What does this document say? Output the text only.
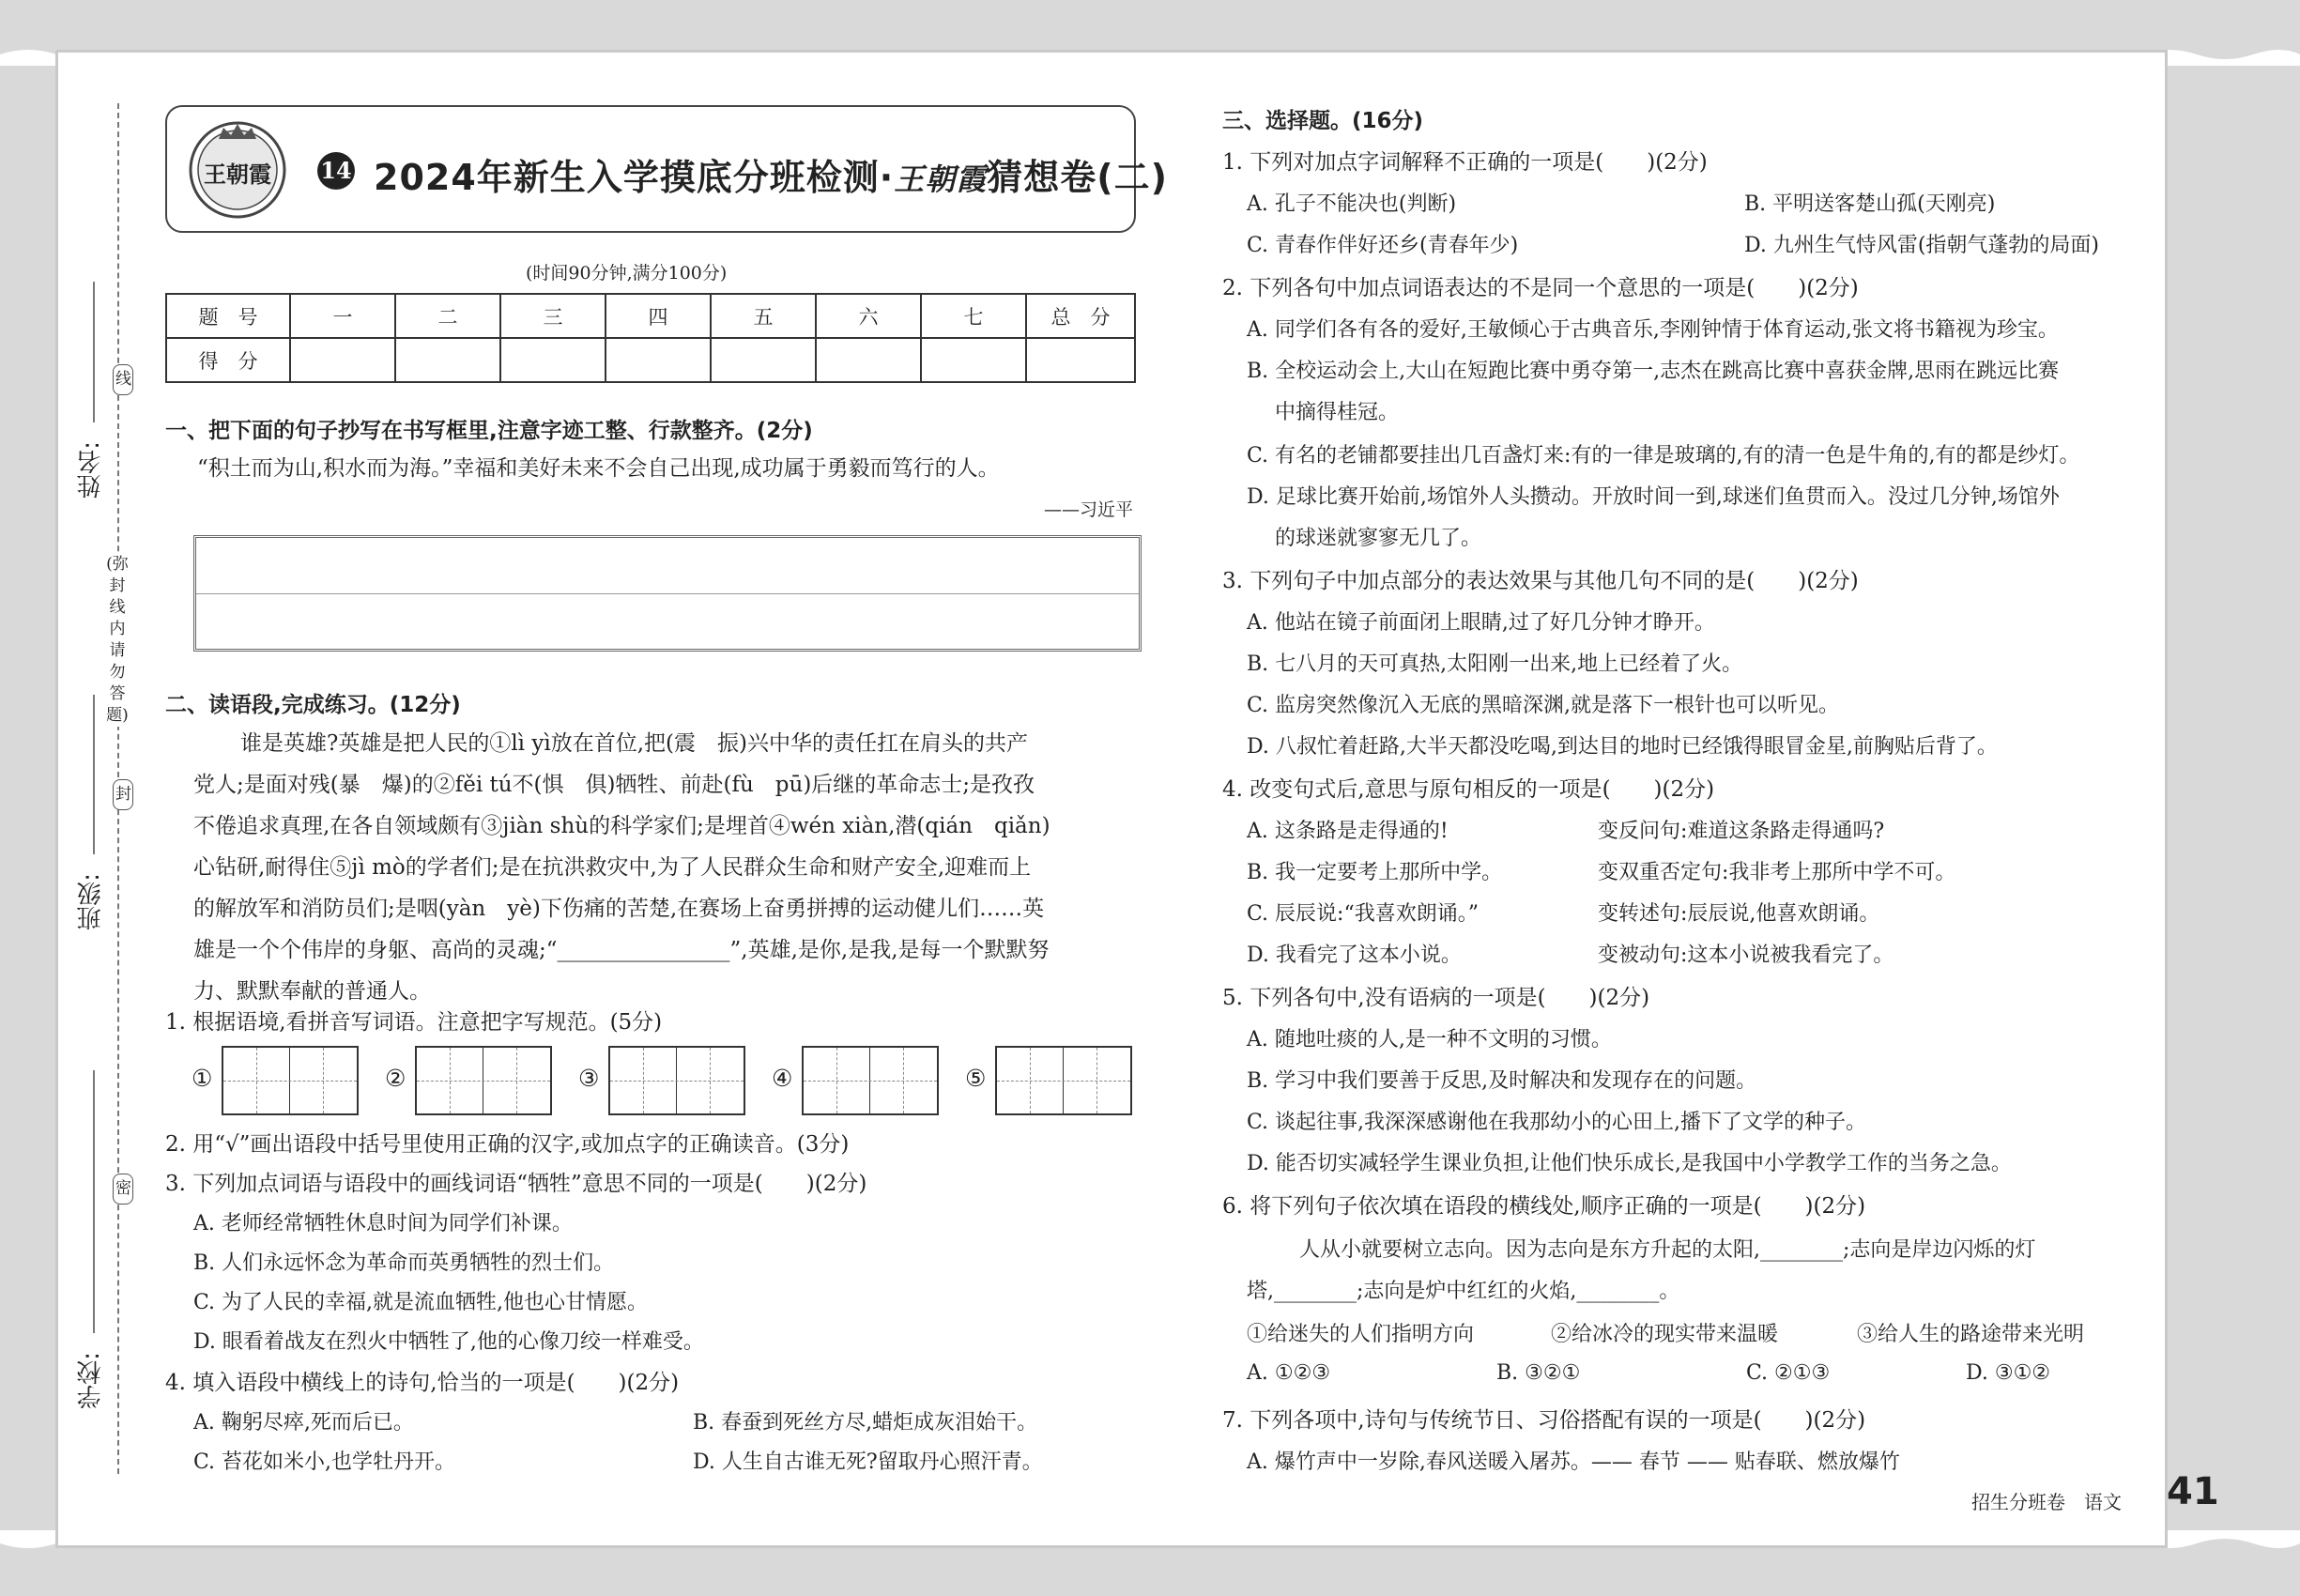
姓名:
班级:
学校:
线
(弥封线内请勿答题)
封
密
王朝霞 14 2024年新生入学摸底分班检测·王朝霞猜想卷(二)
(时间90分钟,满分100分)
题　号	一	二	三	四	五	六	七	总　分
得　分								
一、把下面的句子抄写在书写框里,注意字迹工整、行款整齐。(2分)
“积土而为山,积水而为海。”幸福和美好未来不会自己出现,成功属于勇毅而笃行的人。
——习近平
二、读语段,完成练习。(12分)

谁是英雄?英雄是把人民的①lì yì放在首位,把(震　振)兴中华的责任扛在肩头的共产

党人;是面对残(暴　爆)的②fěi tú不(惧　俱)牺牲、前赴(fù　pū)后继的革命志士;是孜孜

不倦追求真理,在各自领域颇有③jiàn shù的科学家们;是埋首④wén xiàn,潜(qián　qiǎn)

心钻研,耐得住⑤jì mò的学者们;是在抗洪救灾中,为了人民群众生命和财产安全,迎难而上

的解放军和消防员们;是咽(yàn　yè)下伤痛的苦楚,在赛场上奋勇拼搏的运动健儿们……英

雄是一个个伟岸的身躯、高尚的灵魂;“________________”,英雄,是你,是我,是每一个默默努

力、默默奉献的普通人。

1. 根据语境,看拼音写词语。注意把字写规范。(5分)
①	②	③	④	⑤
2. 用“√”画出语段中括号里使用正确的汉字,或加点字的正确读音。(3分)
3. 下列加点词语与语段中的画线词语“牺牲”意思不同的一项是(　　)(2分)
A. 老师经常牺牲休息时间为同学们补课。
B. 人们永远怀念为革命而英勇牺牲的烈士们。
C. 为了人民的幸福,就是流血牺牲,他也心甘情愿。
D. 眼看着战友在烈火中牺牲了,他的心像刀绞一样难受。
4. 填入语段中横线上的诗句,恰当的一项是(　　)(2分)
A. 鞠躬尽瘁,死而后已。	B. 春蚕到死丝方尽,蜡炬成灰泪始干。
C. 苔花如米小,也学牡丹开。	D. 人生自古谁无死?留取丹心照汗青。
三、选择题。(16分)
1. 下列对加点字词解释不正确的一项是(　　)(2分)
A. 孔子不能决也(判断)	B. 平明送客楚山孤(天刚亮)
C. 青春作伴好还乡(青春年少)	D. 九州生气恃风雷(指朝气蓬勃的局面)
2. 下列各句中加点词语表达的不是同一个意思的一项是(　　)(2分)
A. 同学们各有各的爱好,王敏倾心于古典音乐,李刚钟情于体育运动,张文将书籍视为珍宝。
B. 全校运动会上,大山在短跑比赛中勇夺第一,志杰在跳高比赛中喜获金牌,思雨在跳远比赛
中摘得桂冠。
C. 有名的老铺都要挂出几百盏灯来:有的一律是玻璃的,有的清一色是牛角的,有的都是纱灯。
D. 足球比赛开始前,场馆外人头攒动。开放时间一到,球迷们鱼贯而入。没过几分钟,场馆外
的球迷就寥寥无几了。
3. 下列句子中加点部分的表达效果与其他几句不同的是(　　)(2分)
A. 他站在镜子前面闭上眼睛,过了好几分钟才睁开。
B. 七八月的天可真热,太阳刚一出来,地上已经着了火。
C. 监房突然像沉入无底的黑暗深渊,就是落下一根针也可以听见。
D. 八叔忙着赶路,大半天都没吃喝,到达目的地时已经饿得眼冒金星,前胸贴后背了。
4. 改变句式后,意思与原句相反的一项是(　　)(2分)
A. 这条路是走得通的!	变反问句:难道这条路走得通吗?
B. 我一定要考上那所中学。	变双重否定句:我非考上那所中学不可。
C. 辰辰说:“我喜欢朗诵。”	变转述句:辰辰说,他喜欢朗诵。
D. 我看完了这本小说。	变被动句:这本小说被我看完了。
5. 下列各句中,没有语病的一项是(　　)(2分)
A. 随地吐痰的人,是一种不文明的习惯。
B. 学习中我们要善于反思,及时解决和发现存在的问题。
C. 谈起往事,我深深感谢他在我那幼小的心田上,播下了文学的种子。
D. 能否切实减轻学生课业负担,让他们快乐成长,是我国中小学教学工作的当务之急。
6. 将下列句子依次填在语段的横线处,顺序正确的一项是(　　)(2分)
人从小就要树立志向。因为志向是东方升起的太阳,________;志向是岸边闪烁的灯
塔,________;志向是炉中红红的火焰,________。
①给迷失的人们指明方向	②给冰冷的现实带来温暖	③给人生的路途带来光明
A. ①②③	B. ③②①	C. ②①③	D. ③①②
7. 下列各项中,诗句与传统节日、习俗搭配有误的一项是(　　)(2分)
A. 爆竹声中一岁除,春风送暖入屠苏。—— 春节 —— 贴春联、燃放爆竹
招生分班卷　语文 41
